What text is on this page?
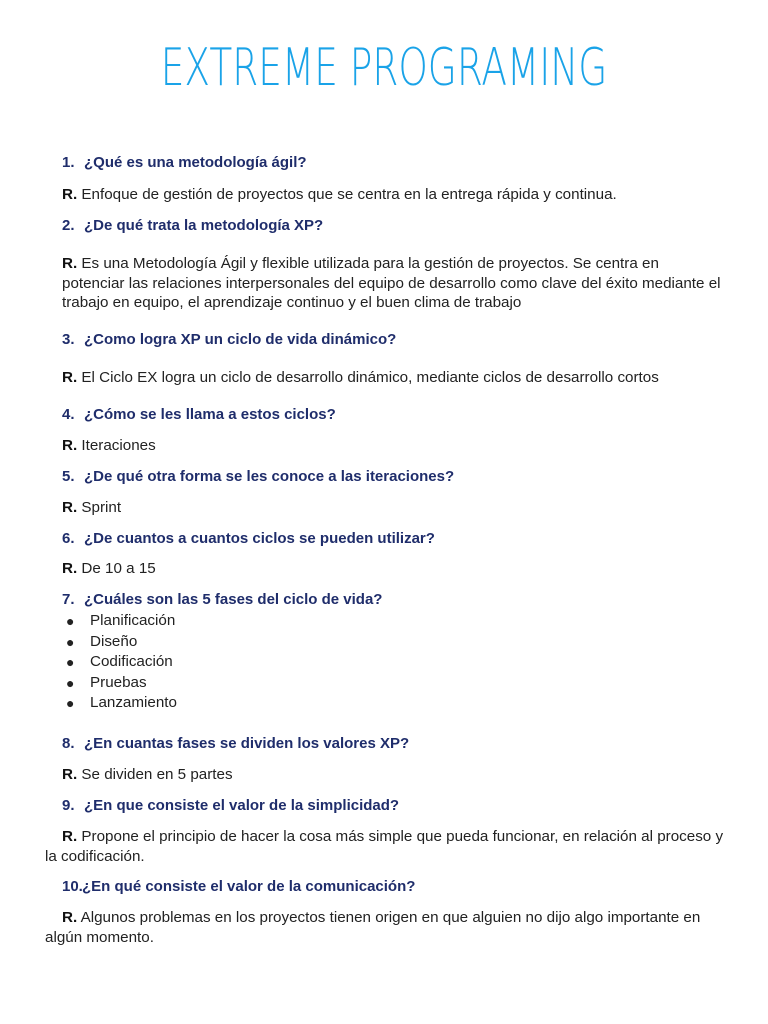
EXTREME PROGRAMING
1. ¿Qué es una metodología ágil?
R. Enfoque de gestión de proyectos que se centra en la entrega rápida y continua.
2. ¿De qué trata la metodología XP?
R. Es una Metodología Ágil y flexible utilizada para la gestión de proyectos. Se centra en potenciar las relaciones interpersonales del equipo de desarrollo como clave del éxito mediante el trabajo en equipo, el aprendizaje continuo y el buen clima de trabajo
3. ¿Como logra XP un ciclo de vida dinámico?
R. El Ciclo EX logra un ciclo de desarrollo dinámico, mediante ciclos de desarrollo cortos
4. ¿Cómo se les llama a estos ciclos?
R. Iteraciones
5. ¿De qué otra forma se les conoce a las iteraciones?
R. Sprint
6. ¿De cuantos a cuantos ciclos se pueden utilizar?
R. De 10 a 15
7. ¿Cuáles son las 5 fases del ciclo de vida?
● Planificación
● Diseño
● Codificación
● Pruebas
● Lanzamiento
8. ¿En cuantas fases se dividen los valores XP?
R. Se dividen en 5 partes
9. ¿En que consiste el valor de la simplicidad?
R. Propone el principio de hacer la cosa más simple que pueda funcionar, en relación al proceso y la codificación.
10.¿En qué consiste el valor de la comunicación?
R. Algunos problemas en los proyectos tienen origen en que alguien no dijo algo importante en algún momento.
